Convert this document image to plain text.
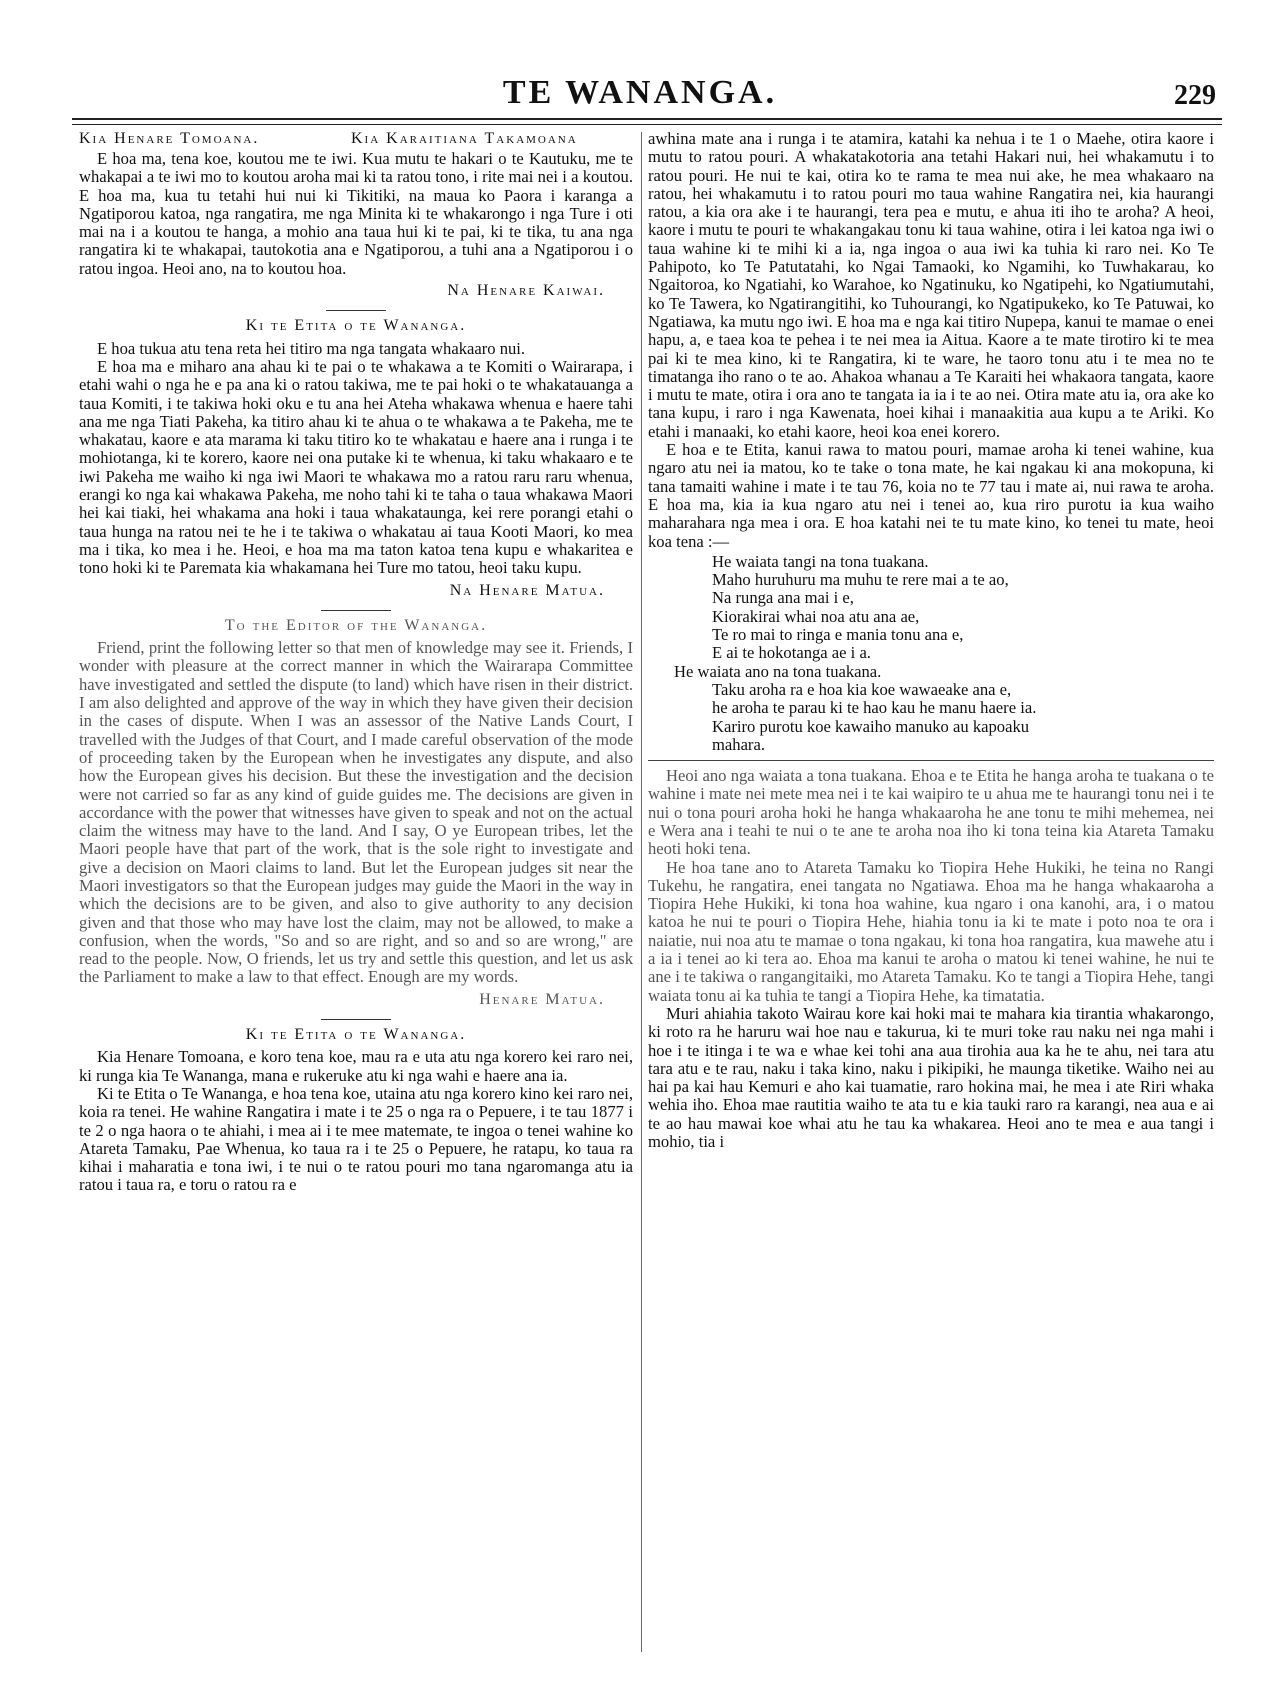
TE WANANGA.	229
Kia Henare Tomoana.	Kia Karaitiana Takamoana

E hoa ma, tena koe, koutou me te iwi. Kua mutu te hakari o te Kautuku, me te whakapai a te iwi mo to koutou aroha mai ki ta ratou tono, i rite mai nei i a koutou. E hoa ma, kua tu tetahi hui nui ki Tikitiki, na maua ko Paora i karanga a Ngatiporou katoa, nga rangatira, me nga Minita ki te whakarongo i nga Ture i oti mai na i a koutou te hanga, a mohio ana taua hui ki te pai, ki te tika, tu ana nga rangatira ki te whakapai, tautokotia ana e Ngatiporou, a tuhi ana a Ngatiporou i o ratou ingoa. Heoi ano, na to koutou hoa.

Na Henare Kaiwai.
Ki te Etita o te Wananga.

E hoa tukua atu tena reta hei titiro ma nga tangata whakaaro nui.

E hoa ma e miharo ana ahau ki te pai o te whakawa a te Komiti o Wairarapa, i etahi wahi o nga he e pa ana ki o ratou takiwa, me te pai hoki o te whakatauanga a taua Komiti, i te takiwa hoki oku e tu ana hei Ateha whakawa whenua e haere tahi ana me nga Tiati Pakeha, ka titiro ahau ki te ahua o te whakawa a te Pakeha, me te whakatau, kaore e ata marama ki taku titiro ko te whakatau e haere ana i runga i te mohiotanga, ki te korero, kaore nei ona putake ki te whenua, ki taku whakaaro e te iwi Pakeha me waiho ki nga iwi Maori te whakawa mo a ratou raru raru whenua, erangi ko nga kai whakawa Pakeha, me noho tahi ki te taha o taua whakawa Maori hei kai tiaki, hei whakama ana hoki i taua whakataunga, kei rere porangi etahi o taua hunga na ratou nei te he i te takiwa o whakatau ai taua Kooti Maori, ko mea ma i tika, ko mea i he. Heoi, e hoa ma ma taton katoa tena kupu e whakaritea e tono hoki ki te Paremata kia whakamana hei Ture mo tatou, heoi taku kupu.

Na Henare Matua.
To the Editor of the Wananga.

Friend, print the following letter so that men of knowledge may see it. Friends, I wonder with pleasure at the correct manner in which the Wairarapa Committee have investigated and settled the dispute (to land) which have risen in their district. I am also delighted and approve of the way in which they have given their decision in the cases of dispute. When I was an assessor of the Native Lands Court, I travelled with the Judges of that Court, and I made careful observation of the mode of proceeding taken by the European when he investigates any dispute, and also how the European gives his decision. But these the investigation and the decision were not carried so far as any kind of guide guides me. The decisions are given in accordance with the power that witnesses have given to speak and not on the actual claim the witness may have to the land. And I say, O ye European tribes, let the Maori people have that part of the work, that is the sole right to investigate and give a decision on Maori claims to land. But let the European judges sit near the Maori investigators so that the European judges may guide the Maori in the way in which the decisions are to be given, and also to give authority to any decision given and that those who may have lost the claim, may not be allowed, to make a confusion, when the words, "So and so are right, and so and so are wrong," are read to the people. Now, O friends, let us try and settle this question, and let us ask the Parliament to make a law to that effect. Enough are my words.

Henare Matua.
Ki te Etita o te Wananga.

Kia Henare Tomoana, e koro tena koe, mau ra e uta atu nga korero kei raro nei, ki runga kia Te Wananga, mana e rukeruke atu ki nga wahi e haere ana ia.

Ki te Etita o Te Wananga, e hoa tena koe, utaina atu nga korero kino kei raro nei, koia ra tenei. He wahine Rangatira i mate i te 25 o nga ra o Pepuere, i te tau 1877 i te 2 o nga haora o te ahiahi, i mea ai i te mee matemate, te ingoa o tenei wahine ko Atareta Tamaku, Pae Whenua, ko taua ra i te 25 o Pepuere, he ratapu, ko taua ra kihai i maharatia e tona iwi, i te nui o te ratou pouri mo tana ngaromanga atu ia ratou i taua ra, e toru o ratou ra e

awhina mate ana i runga i te atamira, katahi ka nehua i te 1 o Maehe, otira kaore i mutu to ratou pouri. A whakatakotoria ana tetahi Hakari nui, hei whakamutu i to ratou pouri. He nui te kai, otira ko te rama te mea nui ake, he mea whakaaro na ratou, hei whakamutu i to ratou pouri mo taua wahine Rangatira nei, kia haurangi ratou, a kia ora ake i te haurangi, tera pea e mutu, e ahua iti iho te aroha? A heoi, kaore i mutu te pouri te whakangakau tonu ki taua wahine, otira i lei katoa nga iwi o taua wahine ki te mihi ki a ia, nga ingoa o aua iwi ka tuhia ki raro nei. Ko Te Pahipoto, ko Te Patutatahi, ko Ngai Tamaoki, ko Ngamihi, ko Tuwhakarau, ko Ngaitoroa, ko Ngatiahi, ko Warahoe, ko Ngatinuku, ko Ngatipehi, ko Ngatiumutahi, ko Te Tawera, ko Ngatirangitihi, ko Tuhourangi, ko Ngatipukeko, ko Te Patuwai, ko Ngatiawa, ka mutu ngo iwi. E hoa ma e nga kai titiro Nupepa, kanui te mamae o enei hapu, a, e taea koa te pehea i te nei mea ia Aitua. Kaore a te mate tirotiro ki te mea pai ki te mea kino, ki te Rangatira, ki te ware, he taoro tonu atu i te mea no te timatanga iho rano o te ao. Ahakoa whanau a Te Karaiti hei whakaora tangata, kaore i mutu te mate, otira i ora ano te tangata ia ia i te ao nei. Otira mate atu ia, ora ake ko tana kupu, i raro i nga Kawenata, hoei kihai i manaakitia aua kupu a te Ariki. Ko etahi i manaaki, ko etahi kaore, heoi koa enei korero.

E hoa e te Etita, kanui rawa to matou pouri, mamae aroha ki tenei wahine, kua ngaro atu nei ia matou, ko te take o tona mate, he kai ngakau ki ana mokopuna, ki tana tamaiti wahine i mate i te tau 76, koia no te 77 tau i mate ai, nui rawa te aroha. E hoa ma, kia ia kua ngaro atu nei i tenei ao, kua riro purotu ia kua waiho maharahara nga mea i ora. E hoa katahi nei te tu mate kino, ko tenei tu mate, heoi koa tena :—

He waiata tangi na tona tuakana.

Maho huruhuru ma muhu te rere mai a te ao,

Na runga ana mai i e,

Kiorakirai whai noa atu ana ae,

Te ro mai to ringa e mania tonu ana e,

E ai te hokotanga ae i a.

He waiata ano na tona tuakana.

Taku aroha ra e hoa kia koe wawaeake ana e,

he aroha te parau ki te hao kau he manu haere ia.

Kariro purotu koe kawaiho manuko au kapoaku

mahara.

Heoi ano nga waiata a tona tuakana. Ehoa e te Etita he hanga aroha te tuakana o te wahine i mate nei mete mea nei i te kai waipiro te u ahua me te haurangi tonu nei i te nui o tona pouri aroha hoki he hanga whakaaroha he ane tonu te mihi mehemea, nei e Wera ana i teahi te nui o te ane te aroha noa iho ki tona teina kia Atareta Tamaku heoti hoki tena.

He hoa tane ano to Atareta Tamaku ko Tiopira Hehe Hukiki, he teina no Rangi Tukehu, he rangatira, enei tangata no Ngatiawa. Ehoa ma he hanga whakaaroha a Tiopira Hehe Hukiki, ki tona hoa wahine, kua ngaro i ona kanohi, ara, i o matou katoa he nui te pouri o Tiopira Hehe, hiahia tonu ia ki te mate i poto noa te ora i naiatie, nui noa atu te mamae o tona ngakau, ki tona hoa rangatira, kua mawehe atu i a ia i tenei ao ki tera ao. Ehoa ma kanui te aroha o matou ki tenei wahine, he nui te ane i te takiwa o rangangitaiki, mo Atareta Tamaku. Ko te tangi a Tiopira Hehe, tangi waiata tonu ai ka tuhia te tangi a Tiopira Hehe, ka timatatia.

Muri ahiahia takoto Wairau kore kai hoki mai te mahara kia tirantia whakarongo, ki roto ra he haruru wai hoe nau e takurua, ki te muri toke rau naku nei nga mahi i hoe i te itinga i te wa e whae kei tohi ana aua tirohia aua ka he te ahu, nei tara atu tara atu e te rau, naku i taka kino, naku i pikipiki, he maunga tiketike. Waiho nei au hai pa kai hau Kemuri e aho kai tuamatie, raro hokina mai, he mea i ate Riri whaka wehia iho. Ehoa mae rautitia waiho te ata tu e kia tauki raro ra karangi, nea aua e ai te ao hau mawai koe whai atu he tau ka whakarea. Heoi ano te mea e aua tangi i mohio, tia i
